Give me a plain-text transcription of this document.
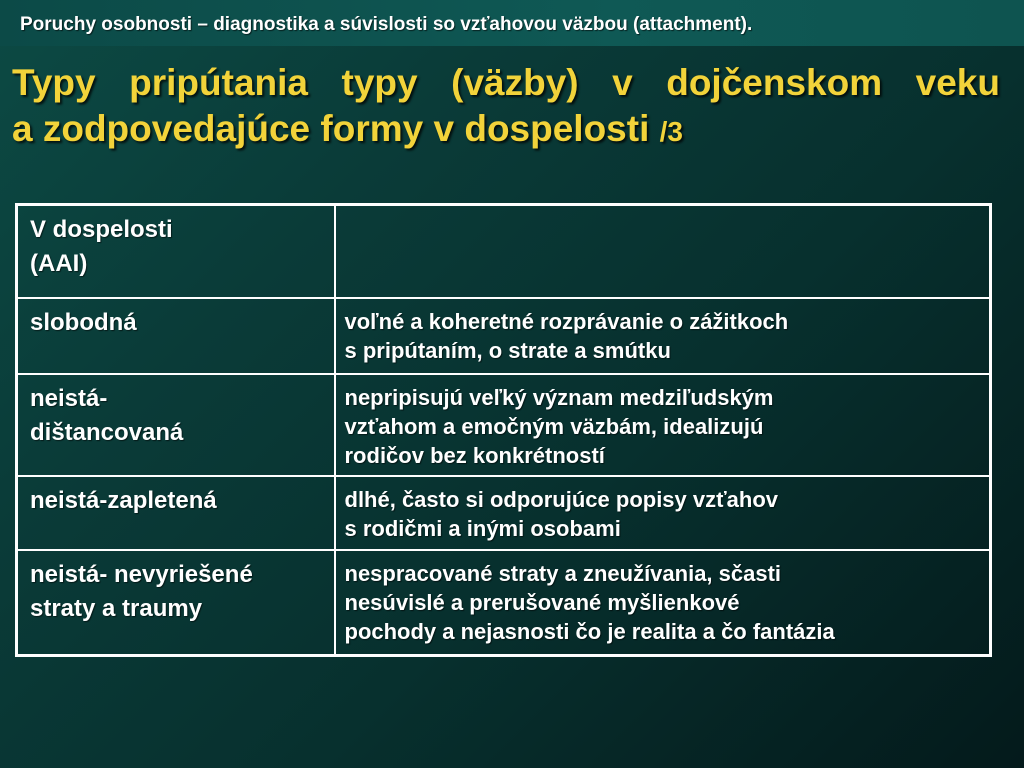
Poruchy osobnosti – diagnostika a súvislosti so vzťahovou väzbou (attachment).

Typy pripútania typy (väzby) v dojčenskom veku
a zodpovedajúce formy v dospelosti /3
V dospelosti
(AAI)	

slobodná	voľné a koheretné rozprávanie o zážitkoch
s pripútaním, o strate a smútku

neistá-
dištancovaná	nepripisujú veľký význam medziľudským
vzťahom a emočným väzbám, idealizujú
rodičov bez konkrétností

neistá-zapletená	dlhé, často si odporujúce popisy vzťahov
s rodičmi a inými osobami

neistá- nevyriešené
straty a traumy	nespracované straty a zneužívania, sčasti
nesúvislé a prerušované myšlienkové
pochody a nejasnosti čo je realita a čo fantázia
